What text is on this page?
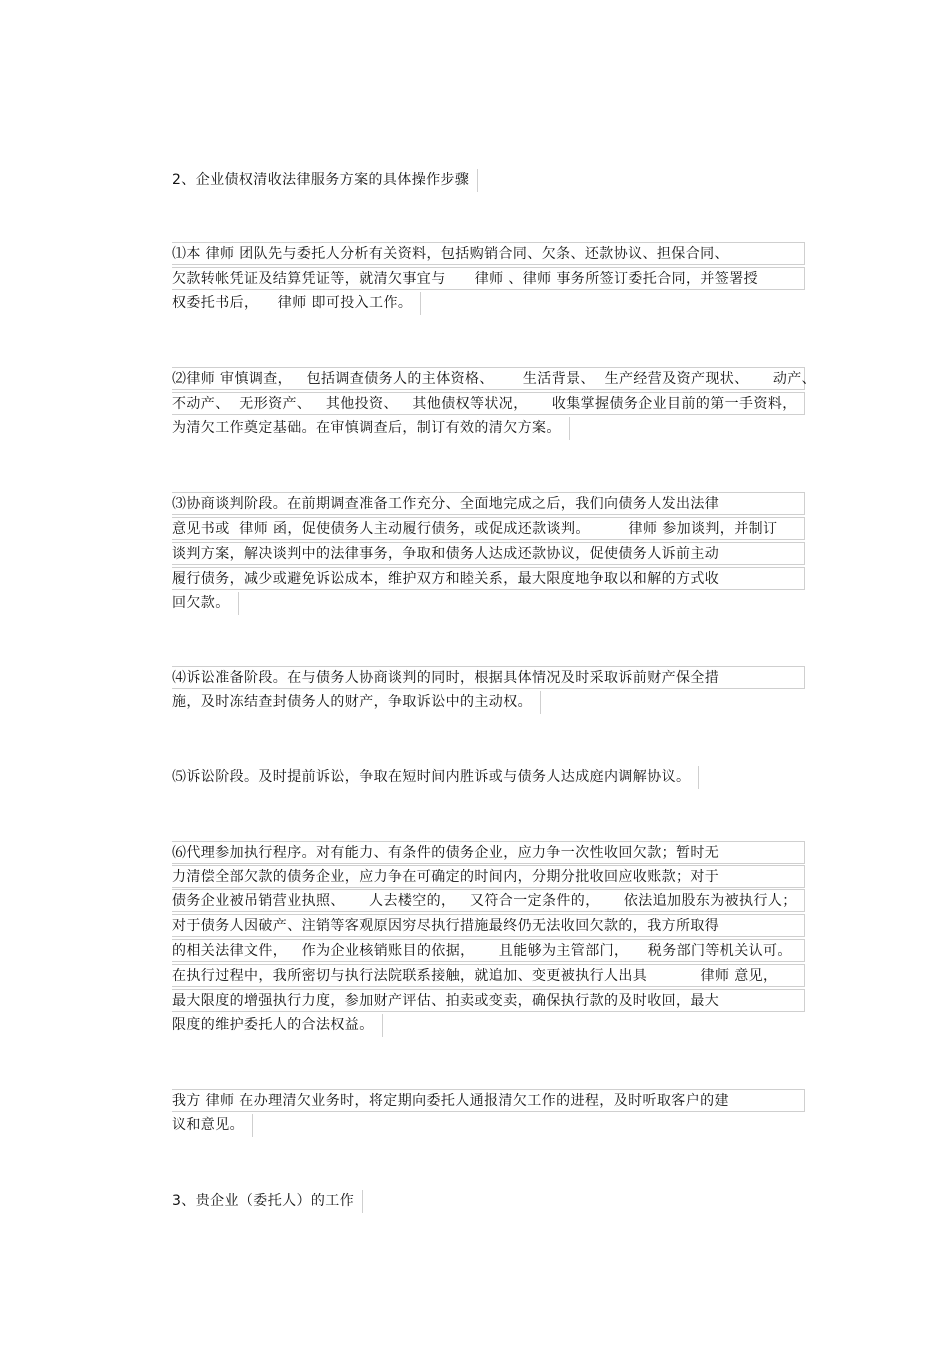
2、企业债权清收法律服务方案的具体操作步骤
⑴本 律师 团队先与委托人分析有关资料，包括购销合同、欠条、还款协议、担保合同、
欠款转帐凭证及结算凭证等，就清欠事宜与      律师 、律师 事务所签订委托合同，并签署授
权委托书后，    律师 即可投入工作。
⑵律师 审慎调查，   包括调查债务人的主体资格、      生活背景、  生产经营及资产现状、     动产、
不动产、  无形资产、   其他投资、   其他债权等状况，     收集掌握债务企业目前的第一手资料，
为清欠工作奠定基础。在审慎调查后，制订有效的清欠方案。
⑶协商谈判阶段。在前期调查准备工作充分、全面地完成之后，我们向债务人发出法律
意见书或  律师 函，促使债务人主动履行债务，或促成还款谈判。        律师 参加谈判，并制订
谈判方案，解决谈判中的法律事务，争取和债务人达成还款协议，促使债务人诉前主动
履行债务，减少或避免诉讼成本，维护双方和睦关系，最大限度地争取以和解的方式收
回欠款。
⑷诉讼准备阶段。在与债务人协商谈判的同时，根据具体情况及时采取诉前财产保全措
施，及时冻结查封债务人的财产，争取诉讼中的主动权。
⑸诉讼阶段。及时提前诉讼，争取在短时间内胜诉或与债务人达成庭内调解协议。
⑹代理参加执行程序。对有能力、有条件的债务企业，应力争一次性收回欠款；暂时无
力清偿全部欠款的债务企业，应力争在可确定的时间内，分期分批收回应收账款；对于
债务企业被吊销营业执照、     人去楼空的，   又符合一定条件的，     依法追加股东为被执行人；
对于债务人因破产、注销等客观原因穷尽执行措施最终仍无法收回欠款的，我方所取得
的相关法律文件，   作为企业核销账目的依据，     且能够为主管部门，    税务部门等机关认可。
在执行过程中，我所密切与执行法院联系接触，就追加、变更被执行人出具           律师 意见，
最大限度的增强执行力度，参加财产评估、拍卖或变卖，确保执行款的及时收回，最大
限度的维护委托人的合法权益。
我方 律师 在办理清欠业务时，将定期向委托人通报清欠工作的进程，及时听取客户的建
议和意见。
3、贵企业（委托人）的工作
